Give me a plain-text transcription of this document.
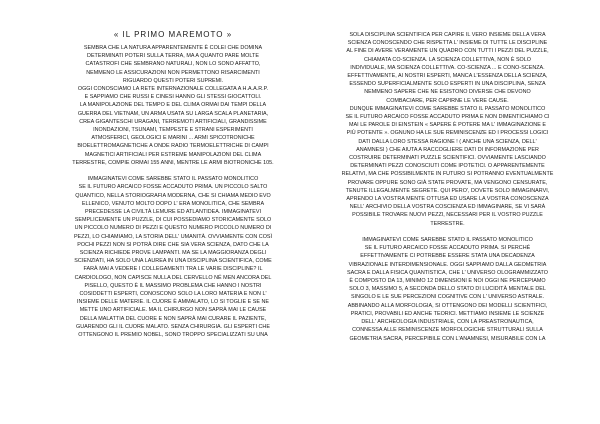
« IL PRIMO MAREMOTO »
SEMBRA CHE LA NATURA APPARENTEMENTE È COLEI CHE DOMINA
DETERMINATI POTERI SULLA TERRA, MA A QUANTO PARE MOLTE
CATASTROFI CHE SEMBRANO NATURALI, NON LO SONO AFFATTO,
NEMMENO LE ASSICURAZIONI NON PERMETTONO RISARCIMENTI
RIGUARDO QUESTI POTERI SUPREMI.
OGGI CONOSCIAMO LA RETE INTERNAZIONALE COLLEGATA A H.A.A.R.P.
E SAPPIAMO CHE RUSSI E CINESI HANNO GLI STESSI GIOCATTOLI.
LA MANIPOLAZIONE DEL TEMPO E DEL CLIMA ORMAI DAI TEMPI DELLA
GUERRA DEL VIETNAM, UN ARMA USATA SU LARGA SCALA PLANETARIA,
CREA GIGANTESCHI URAGANI, TERREMOTI ARTIFICIALI, GRANDISSIME
INONDAZIONI, TSUNAMI, TEMPESTE E STRANI ESPERIMENTI
ATMOSFERICI, GEOLOGICI E MARINI ... ARMI SPICOTRONICHE
BIOELETTROMAGNETICHE A ONDE RADIO TERMOELETTRICHE DI CAMPI
MAGNETICI ARTIFICIALI PER ESTREME MANIPOLAZIONI DEL CLIMA
TERRESTRE, COMPIE ORMAI 155 ANNI, MENTRE LE ARMI BIOTRONICHE 105.
IMMAGINATEVI COME SAREBBE STATO IL PASSATO MONOLITICO
SE IL FUTURO ARCAICO FOSSE ACCADUTO PRIMA. UN PICCOLO SALTO
QUANTICO, NELLA STORIOGRAFIA MODERNA, CHE SI CHIAMA MEDIO EVO
ELLENICO, VENUTO MOLTO DOPO L' ERA MONOLITICA, CHE SEMBRA
PRECEDESSE LA CIVILTÀ LEMURE ED ATLANTIDEA. IMMAGINATEVI
SEMPLICEMENTE UN PUZZLE, DI CUI POSSEDIAMO STORICAMENTE SOLO
UN PICCOLO NUMERO DI PEZZI E QUESTO NUMERO PICCOLO NUMERO DI
PEZZI, LO CHIAMIAMO, LA STORIA DELL' UMANITÀ. OVVIAMENTE CON COSÌ
POCHI PEZZI NON SI POTRÀ DIRE CHE SIA VERA SCIENZA, DATO CHE LA
SCIENZA RICHIEDE PROVE LAMPANTI. MA SE LA MAGGIORANZA DEGLI
SCIENZIATI, HA SOLO UNA LAUREA IN UNA DISCIPLINA SCIENTIFICA, COME
FARÀ MAI A VEDERE I COLLEGAMENTI TRA LE VARIE DISCIPLINE? IL
CARDIOLOGO, NON CAPISCE NULLA DEL CERVELLO NÉ MEN ANCORA DEL
PISELLO, QUESTO È IL MASSIMO PROBLEMA CHE HANNO I NOSTRI
COSIDDETTI ESPERTI, CONOSCONO SOLO LA LORO MATERIA E NON L'
INSIEME DELLE MATERIE. IL CUORE È AMMALATO, LO SI TOGLIE E SE NE
METTE UNO ARTIFICIALE. MA IL CHIRURGO NON SAPRÀ MAI LE CAUSE
DELLA MALATTIA DEL CUORE E NON SAPRÀ MAI CURARE IL PAZIENTE,
GUARENDO GLI IL CUORE MALATO. SENZA CHIRURGIA. GLI ESPERTI CHE
OTTENGONO IL PREMIO NOBEL, SONO TROPPO SPECIALIZZATI SU UNA
SOLA DISCIPLINA SCIENTIFICA PER CAPIRE IL VERO INSIEME DELLA VERA
SCIENZA CONOSCENDO CHE RISPETTA L' INSIEME DI TUTTE LE DISCIPLINE
AL FINE DI AVERE VERAMENTE UN QUADRO CON TUTTI I PEZZI DEL PUZZLE,
CHIAMATA CO-SCIENZA. LA SCIENZA COLLETTIVA, NON È SOLO
INDIVIDUALE, MA SCIENZA COLLETTIVA. CO-SCIENZA ... E CONO-SCENZA.
EFFETTIVAMENTE, AI NOSTRI ESPERTI, MANCA L'ESSENZA DELLA SCIENZA,
ESSENDO SUPERFICIALMENTE SOLO ESPERTI IN UNA DISCIPLINA, SENZA
NEMMENO SAPERE CHE NE ESISTONO DIVERSE CHE DEVONO
COMBACIARE, PER CAPIRNE LE VERE CAUSE.
DUNQUE IMMAGINATEVI COME SAREBBE STATO IL PASSATO MONOLITICO
SE IL FUTURO ARCAICO FOSSE ACCADUTO PRIMA E NON DIMENTICHIAMO CI
MAI LE PAROLE DI EINSTEIN « SAPERE È POTERE MA L' IMMAGINAZIONE E
PIÙ POTENTE ». OGNUNO HA LE SUE REMINISCENZE ED I PROCESSI LOGICI
DATI DALLA LORO STESSA RAGIONE ! ( ANCHE UNA SCIENZA, DELL'
ANAMNESI ) CHE AIUTA A RACCOGLIERE DATI DI INFORMAZIONE PER
COSTRUIRE DETERMINATI PUZZLE SCIENTIFICI. OVVIAMENTE LASCIANDO
DETERMINATI PEZZI CONOSCIUTI COME IPOTETICI. O APPARENTEMENTE
RELATIVI, MA CHE POSSIBILMENTE IN FUTURO SI POTRANNO EVENTUALMENTE
PROVARE OPPURE SONO GIÀ STATE PROVATE, MA VENGONO CENSURATE,
TENUTE ILLEGALMENTE SEGRETE. QUI PERO', DOVETE SOLO IMMAGINARVI,
APRENDO LA VOSTRA MENTE OTTUSA ED USARE LA VOSTRA CONOSCENZA
NELL' ARCHIVIO DELLA VOSTRA COSCIENZA ED IMMAGINARE, SE VI SARÀ
POSSIBILE TROVARE NUOVI PEZZI, NECESSARI PER IL VOSTRO PUZZLE
TERRESTRE.
IMMAGINATEVI COME SAREBBE STATO IL PASSATO MONOLITICO
SE IL FUTURO ARCAICO FOSSE ACCADUTO PRIMA. SI PERCHÉ
EFFETTIVAMENTE CI POTREBBE ESSERE STATA UNA DECADENZA
VIBRAZIONALE INTERDIMENSIONALE. OGGI SAPPIAMO DALLA GEOMETRIA
SACRA E DALLA FISICA QUANTISTICA, CHE L' UNIVERSO OLOGRAMMIZZATO
È COMPOSTO DA 13, MINIMO 12 DIMENSIONI E NOI OGGI NE PERCEPIAMO
SOLO 3, MASSIMO 5, A SECONDA DELLO STATO DI LUCIDITÀ MENTALE DEL
SINGOLO E LE SUE PERCEZIONI COGNITIVE CON L' UNIVERSO ASTRALE.
ABBINANDO ALLA MORFOLOGIA, SI OTTENGONO DEI MODELLI SCIENTIFICI,
PRATICI, PROVABILI ED ANCHE TEORICI. METTIAMO INSIEME LE SCIENZE
DELL' ARCHEOLOGIA INDUSTRIALE, CON LA PREASTRONAUTICA,
CONNESSA ALLE REMINISCENZE MORFOLOGICHE STRUTTURALI SULLA
GEOMETRIA SACRA, PERCEPIBILE CON L'ANAMNESI, MISURABILE CON LA
